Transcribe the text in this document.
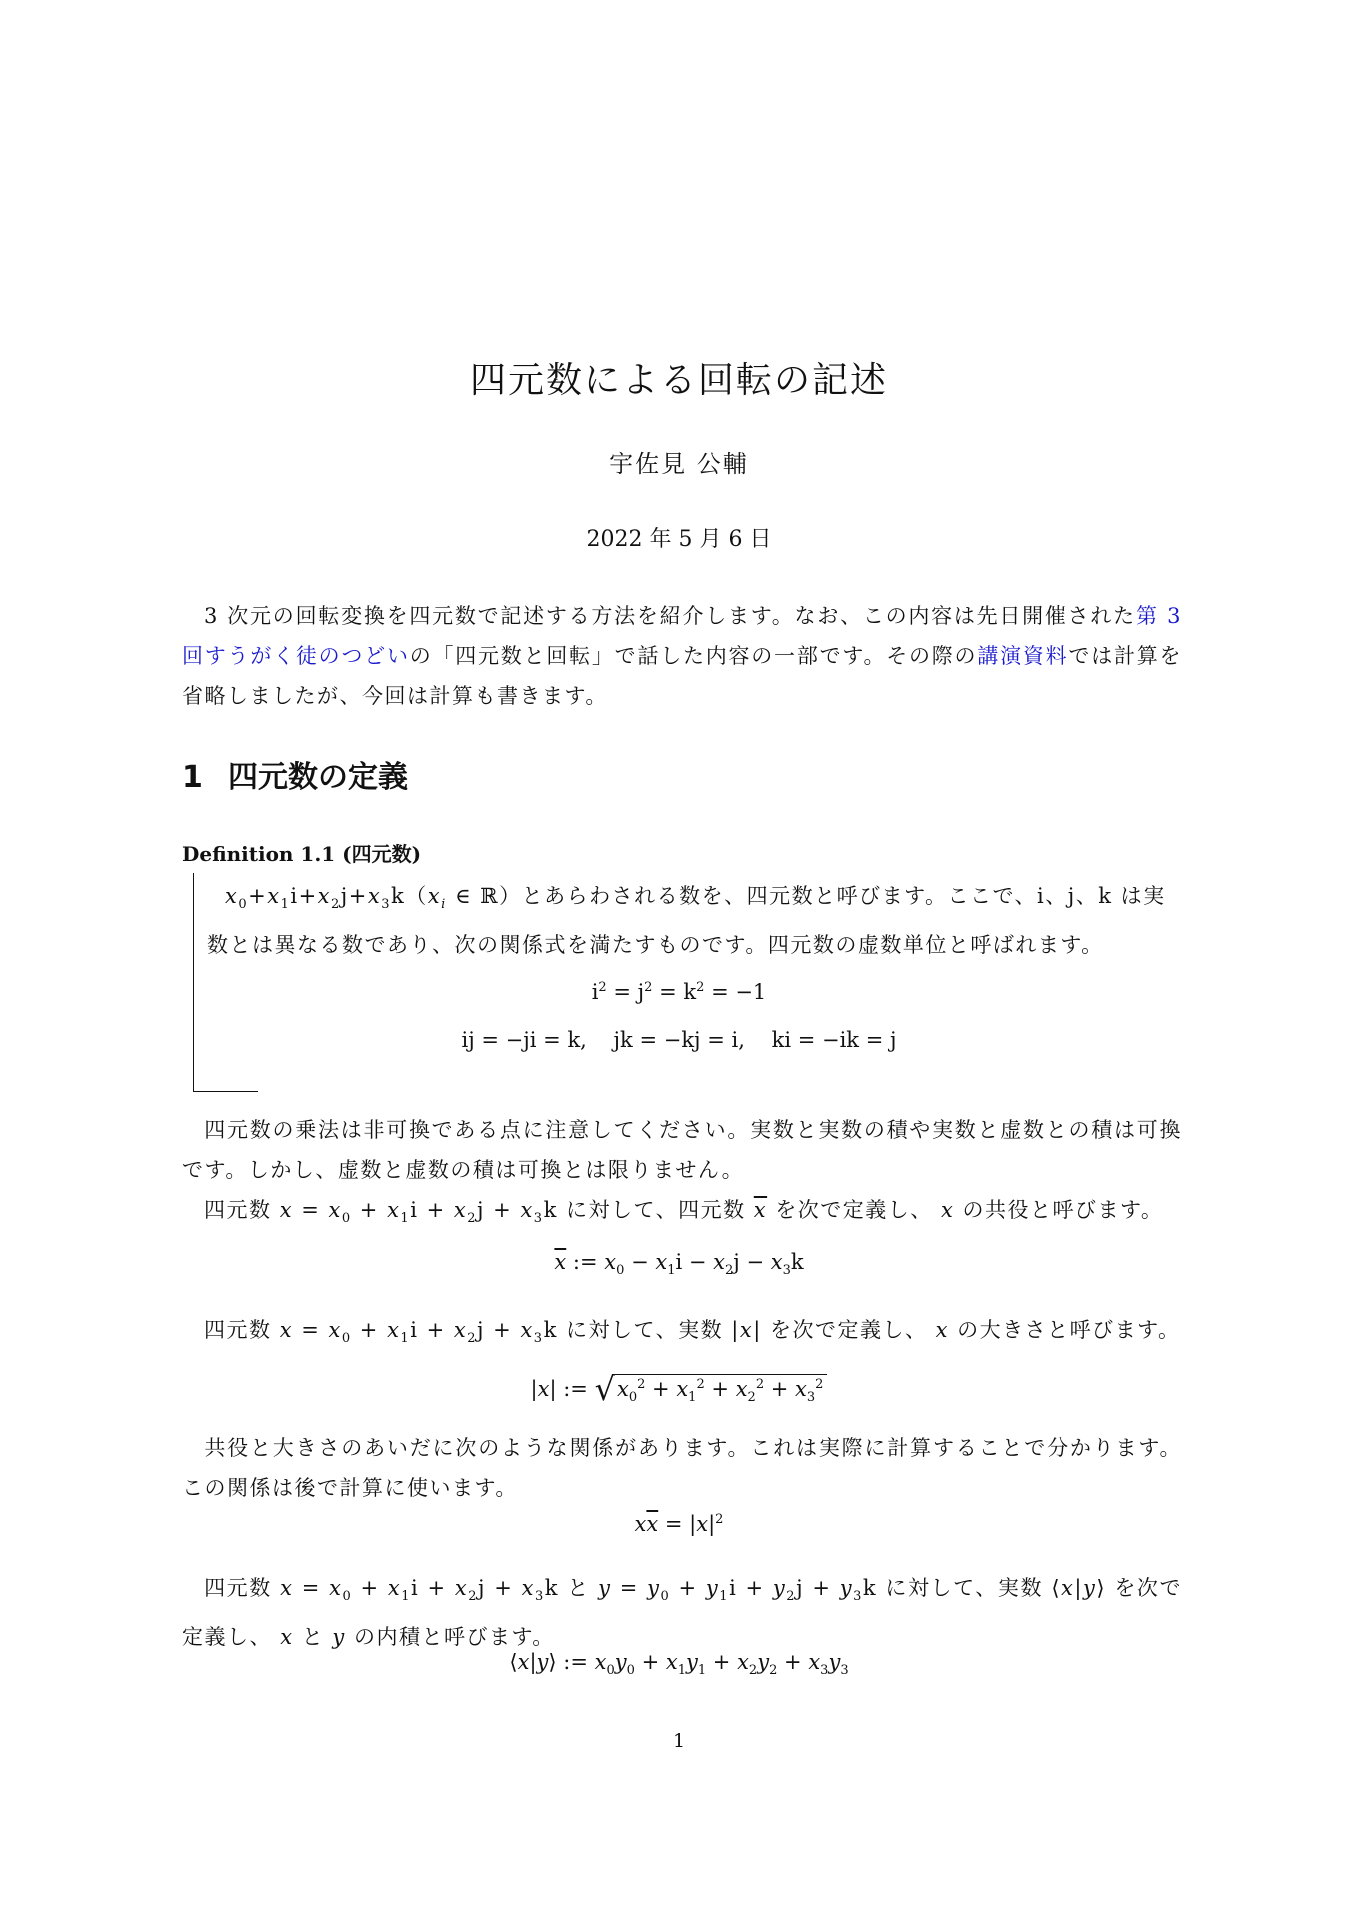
四元数による回転の記述
宇佐見 公輔
2022 年 5 月 6 日
3 次元の回転変換を四元数で記述する方法を紹介します。なお、この内容は先日開催された第 3 回すうがく徒のつどいの「四元数と回転」で話した内容の一部です。その際の講演資料では計算を省略しましたが、今回は計算も書きます。
1 四元数の定義
Definition 1.1 (四元数)
$x_0+x_1i+x_2j+x_3k(x_i$ ∈ ℝ）とあらわされる数を、四元数と呼びます。ここで、i、j、k は実数とは異なる数であり、次の関係式を満たすものです。四元数の虚数単位と呼ばれます。
$i^2 = j^2 = k^2 = -1$
ij = −ji = k,    jk = −kj = i,    ki = −ik = j
四元数の乗法は非可換である点に注意してください。実数と実数の積や実数と虚数との積は可換です。しかし、虚数と虚数の積は可換とは限りません。
四元数 $x = x_0 + x_1i + x_2j + x_3k$ に対して、四元数 $\overline{x}$ を次で定義し、 x の共役と呼びます。
$\overline{x}$ := $x_0 - x_1i - x_2j - x_3k$
四元数 $x = x_0 + x_1i + x_2j + x_3k$ に対して、実数 |x| を次で定義し、 x の大きさと呼びます。
|x| := $√x_0^2 + x_1^2 + x_2^2 + x_3^2$
共役と大きさのあいだに次のような関係があります。これは実際に計算することで分かります。この関係は後で計算に使います。
$x\overline{x} = |x|^2$
四元数 $x = x_0 + x_1i + x_2j + x_3k$ と $y = y_0 + y_1i + y_2j + y_3k$ に対して、実数 ⟨x|y⟩ を次で定義し、 x と y の内積と呼びます。
⟨x|y⟩ := $x_0y_0 + x_1y_1 + x_2y_2 + x_3y_3$
1
